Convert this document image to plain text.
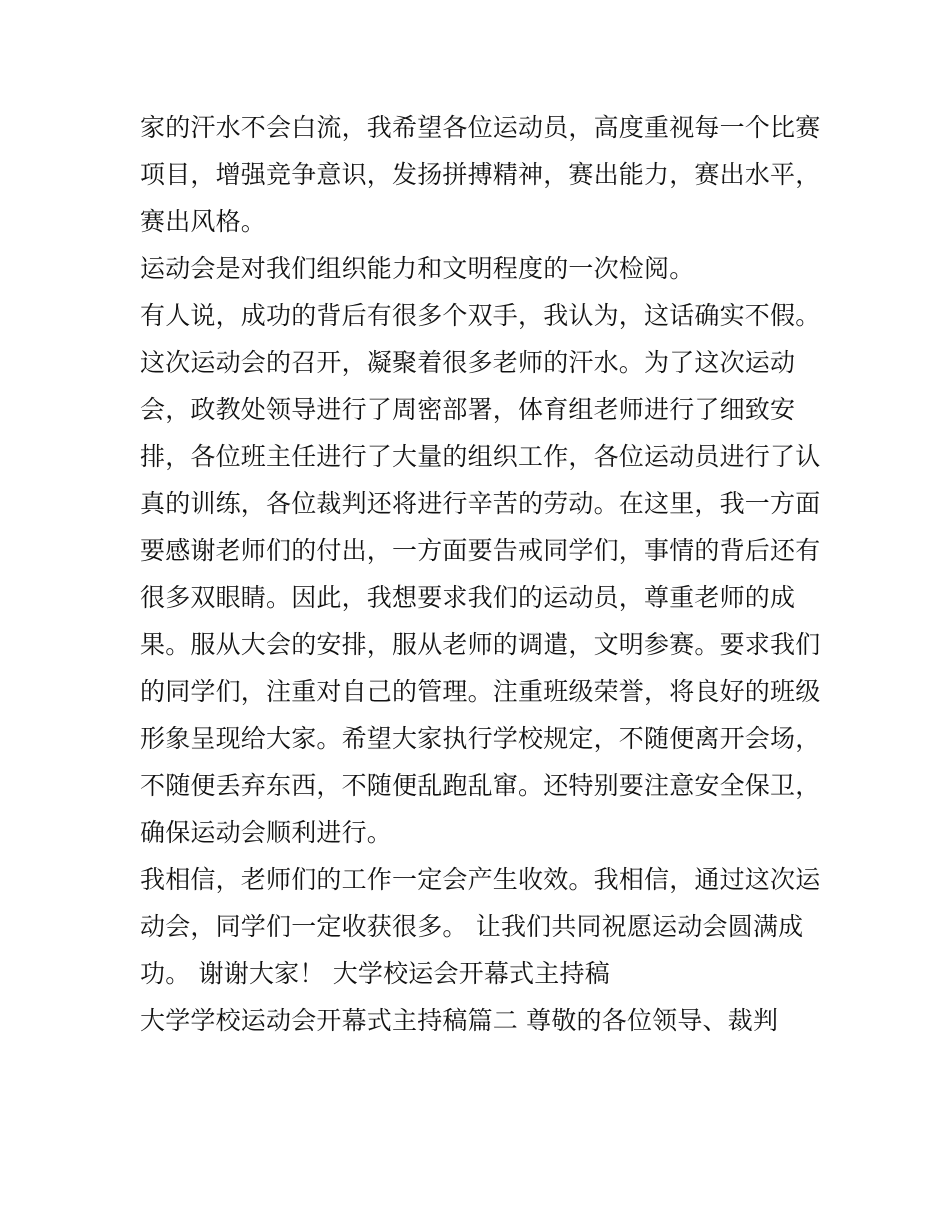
家的汗水不会白流，我希望各位运动员，高度重视每一个比赛
项目，增强竞争意识，发扬拼搏精神，赛出能力，赛出水平，
赛出风格。
运动会是对我们组织能力和文明程度的一次检阅。
有人说，成功的背后有很多个双手，我认为，这话确实不假。
这次运动会的召开，凝聚着很多老师的汗水。为了这次运动
会，政教处领导进行了周密部署，体育组老师进行了细致安
排，各位班主任进行了大量的组织工作，各位运动员进行了认
真的训练，各位裁判还将进行辛苦的劳动。在这里，我一方面
要感谢老师们的付出，一方面要告戒同学们，事情的背后还有
很多双眼睛。因此，我想要求我们的运动员，尊重老师的成
果。服从大会的安排，服从老师的调遣，文明参赛。要求我们
的同学们，注重对自己的管理。注重班级荣誉，将良好的班级
形象呈现给大家。希望大家执行学校规定，不随便离开会场，
不随便丢弃东西，不随便乱跑乱窜。还特别要注意安全保卫，
确保运动会顺利进行。
我相信，老师们的工作一定会产生收效。我相信，通过这次运
动会，同学们一定收获很多。 让我们共同祝愿运动会圆满成
功。 谢谢大家！ 大学校运会开幕式主持稿
大学学校运动会开幕式主持稿篇二 尊敬的各位领导、裁判
